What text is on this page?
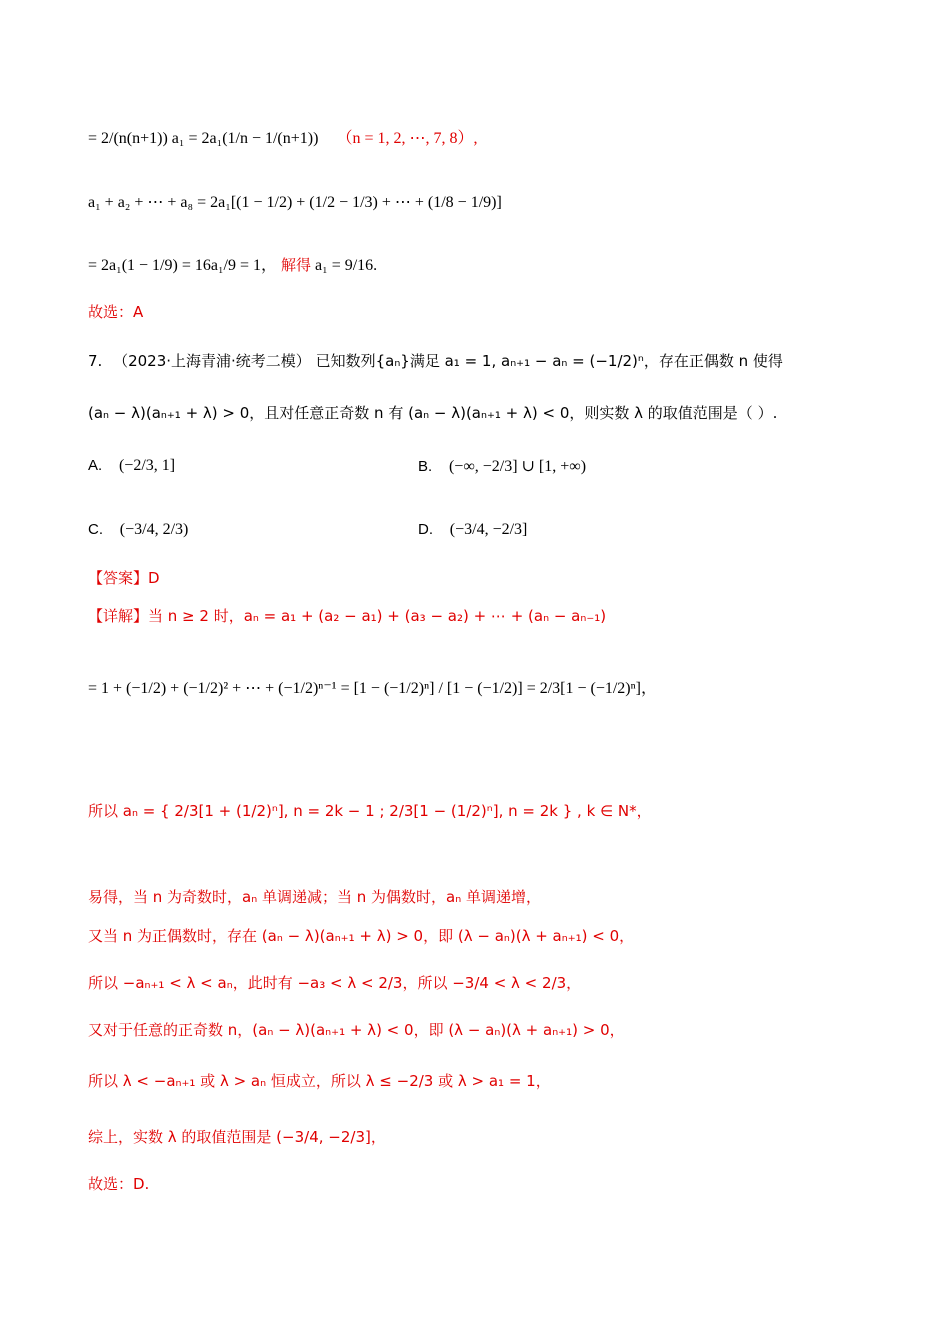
= 2/(n(n+1)) a₁ = 2a₁(1/n − 1/(n+1)) （n = 1, 2, ⋯, 7, 8）,
a₁ + a₂ + ⋯ + a₈ = 2a₁[(1 − 1/2) + (1/2 − 1/3) + ⋯ + (1/8 − 1/9)]
= 2a₁(1 − 1/9) = 16a₁/9 = 1， 解得 a₁ = 9/16.
故选：A
7. （2023·上海青浦·统考二模） 已知数列{aₙ}满足 a₁ = 1, aₙ₊₁ − aₙ = (−1/2)ⁿ，存在正偶数 n 使得
(aₙ − λ)(aₙ₊₁ + λ) > 0，且对任意正奇数 n 有 (aₙ − λ)(aₙ₊₁ + λ) < 0，则实数 λ 的取值范围是（ ）.
A. (−2/3, 1]	B. (−∞, −2/3] ∪ [1, +∞)
C. (−3/4, 2/3)	D. (−3/4, −2/3]
【答案】D
【详解】当 n ≥ 2 时，aₙ = a₁ + (a₂ − a₁) + (a₃ − a₂) + ⋯ + (aₙ − aₙ₋₁)
= 1 + (−1/2) + (−1/2)² + ⋯ + (−1/2)ⁿ⁻¹ = [1 − (−1/2)ⁿ] / [1 − (−1/2)] = 2/3[1 − (−1/2)ⁿ]，
所以 aₙ = { 2/3[1 + (1/2)ⁿ], n = 2k − 1 ; 2/3[1 − (1/2)ⁿ], n = 2k } , k ∈ N*，
易得，当 n 为奇数时，aₙ 单调递减；当 n 为偶数时，aₙ 单调递增，
又当 n 为正偶数时，存在 (aₙ − λ)(aₙ₊₁ + λ) > 0，即 (λ − aₙ)(λ + aₙ₊₁) < 0，
所以 −aₙ₊₁ < λ < aₙ，此时有 −a₃ < λ < 2/3，所以 −3/4 < λ < 2/3，
又对于任意的正奇数 n，(aₙ − λ)(aₙ₊₁ + λ) < 0，即 (λ − aₙ)(λ + aₙ₊₁) > 0，
所以 λ < −aₙ₊₁ 或 λ > aₙ 恒成立，所以 λ ≤ −2/3 或 λ > a₁ = 1，
综上，实数 λ 的取值范围是 (−3/4, −2/3]，
故选：D.
